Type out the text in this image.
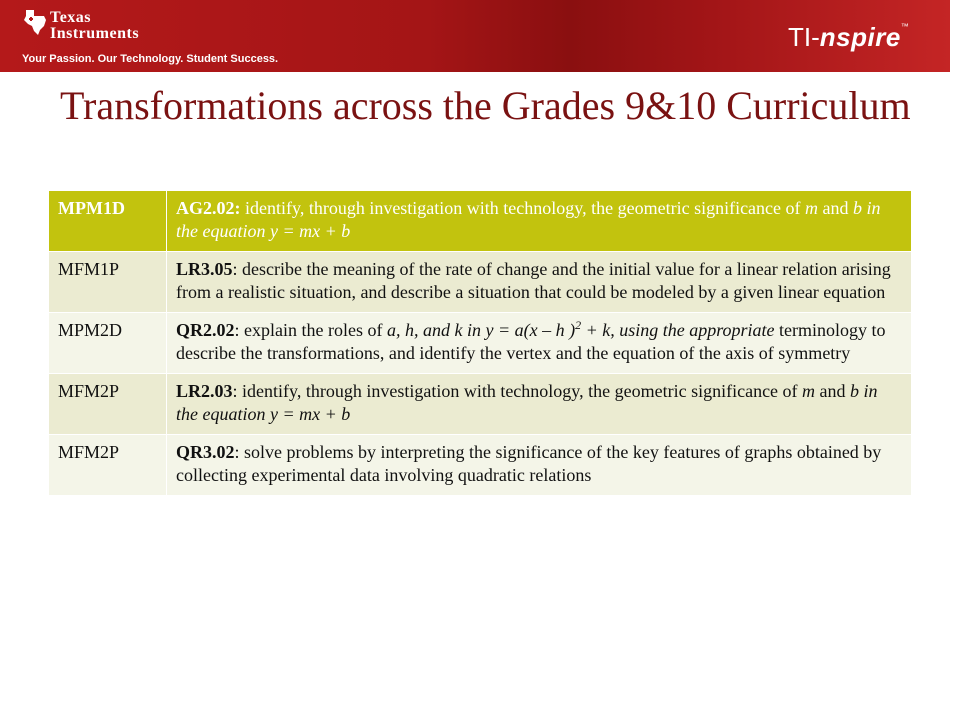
Texas
Instruments
Your Passion. Our Technology. Student Success.
TI-nspire™
Transformations across the Grades 9&10 Curriculum
MPM1D	AG2.02: identify, through investigation with technology, the geometric significance of m and b in the equation y = mx + b
MFM1P	LR3.05: describe the meaning of the rate of change and the initial value for a linear relation arising from a realistic situation, and describe a situation that could be modeled by a given linear equation
MPM2D	QR2.02: explain the roles of a, h, and k in y = a(x – h )$^2$ + k, using the appropriate terminology to describe the transformations, and identify the vertex and the equation of the axis of symmetry
MFM2P	LR2.03: identify, through investigation with technology, the geometric significance of m and b in the equation y = mx + b
MFM2P	QR3.02: solve problems by interpreting the significance of the key features of graphs obtained by collecting experimental data involving quadratic relations
